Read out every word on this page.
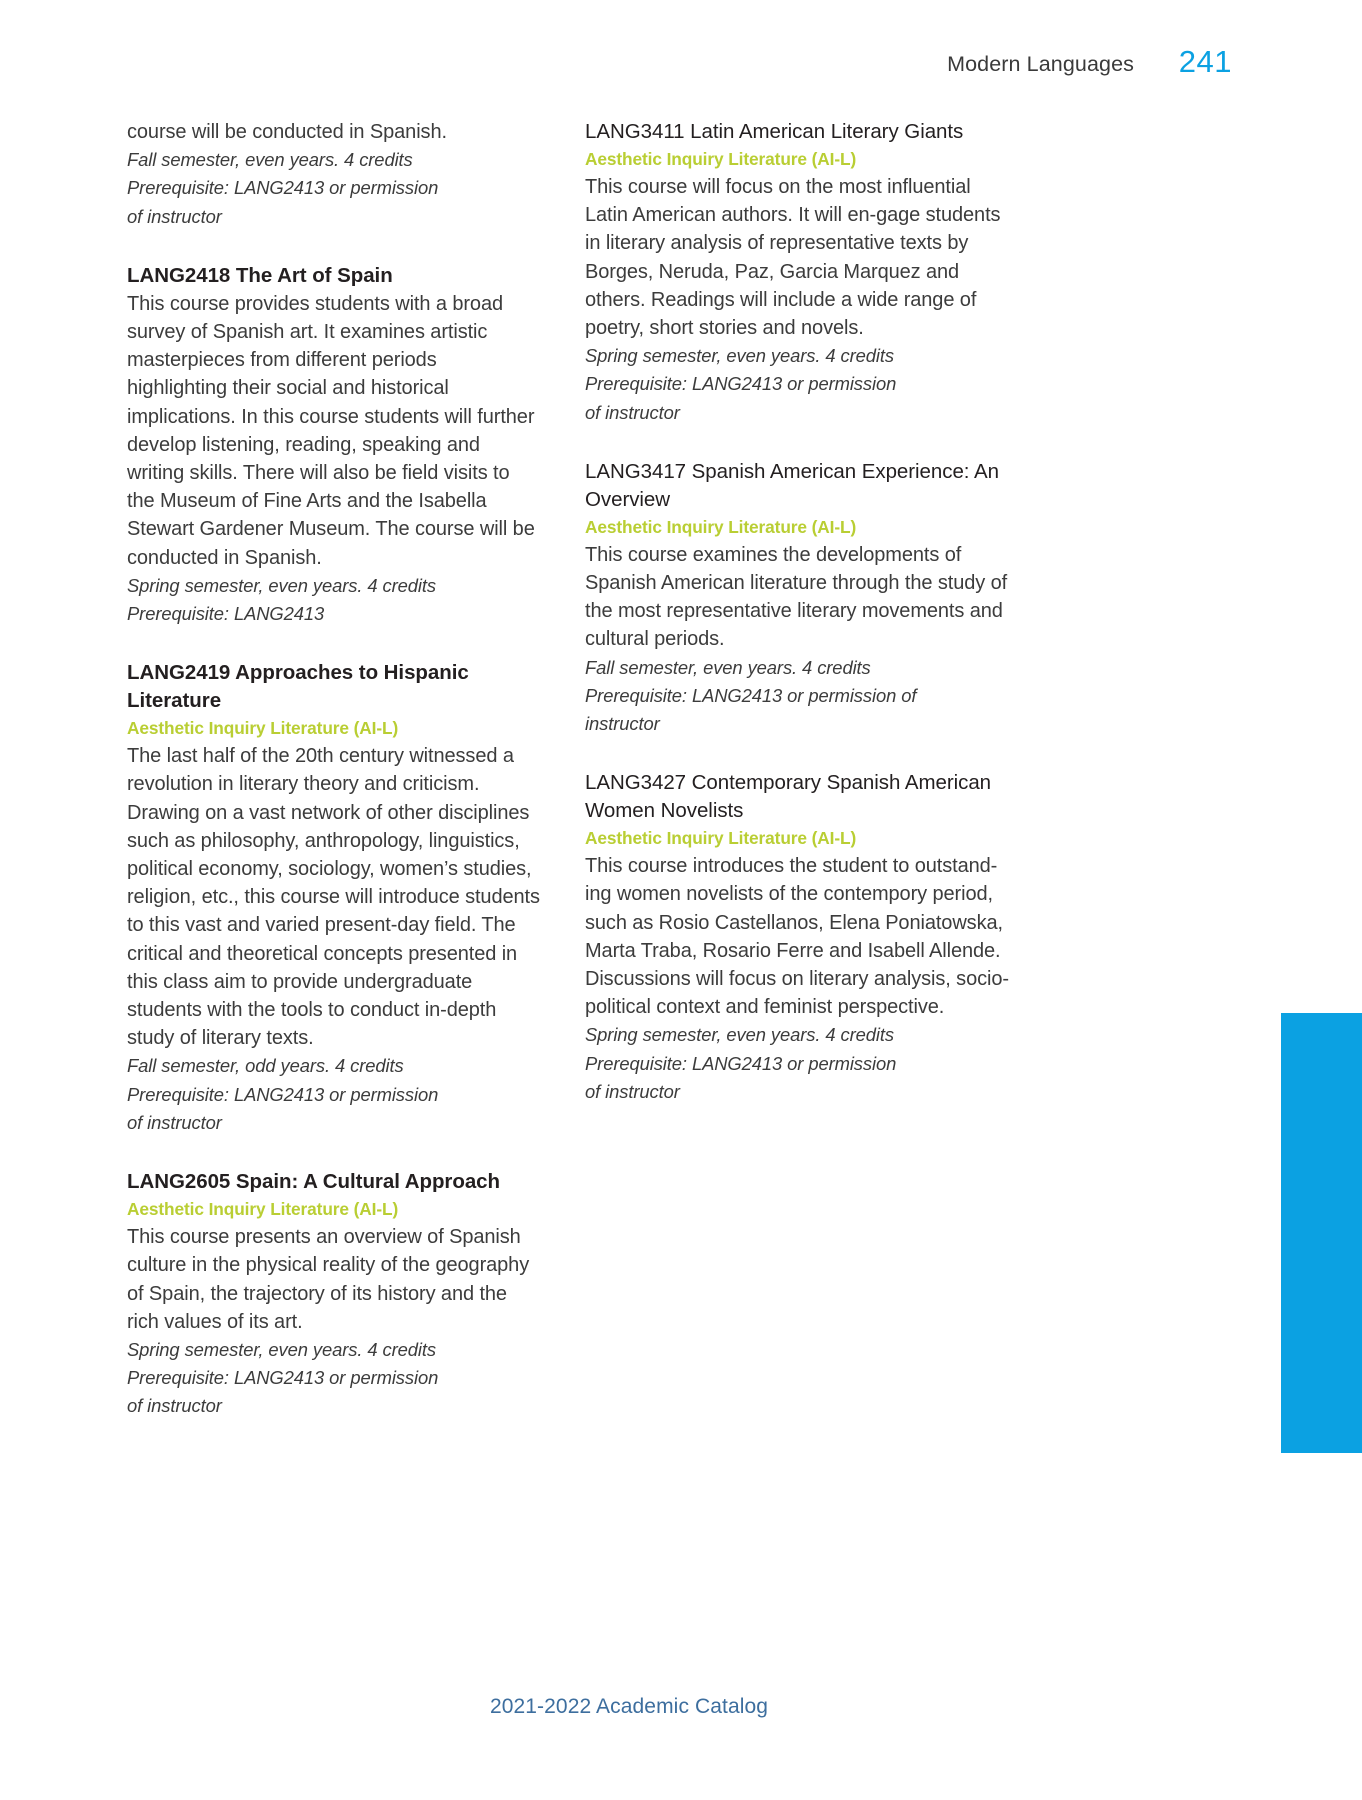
Modern Languages 241

course will be conducted in Spanish.

Fall semester, even years. 4 credits

Prerequisite: LANG2413 or permission

of instructor

LANG2418 The Art of Spain

This course provides students with a broad survey of Spanish art. It examines artistic masterpieces from different periods highlighting their social and historical implications. In this course students will further develop listening, reading, speaking and writing skills. There will also be field visits to the Museum of Fine Arts and the Isabella Stewart Gardener Museum. The course will be conducted in Spanish.

Spring semester, even years. 4 credits

Prerequisite: LANG2413

LANG2419 Approaches to Hispanic Literature

Aesthetic Inquiry Literature (AI-L)

The last half of the 20th century witnessed a revolution in literary theory and criticism. Drawing on a vast network of other disciplines such as philosophy, anthropology, linguistics, political economy, sociology, women’s studies, religion, etc., this course will introduce students to this vast and varied present-day field. The critical and theoretical concepts presented in this class aim to provide undergraduate students with the tools to conduct in-depth study of literary texts.

Fall semester, odd years. 4 credits

Prerequisite: LANG2413 or permission

of instructor

LANG2605 Spain: A Cultural Approach

Aesthetic Inquiry Literature (AI-L)

This course presents an overview of Spanish culture in the physical reality of the geography of Spain, the trajectory of its history and the rich values of its art.

Spring semester, even years. 4 credits

Prerequisite: LANG2413 or permission

of instructor

LANG3411 Latin American Literary Giants

Aesthetic Inquiry Literature (AI-L)

This course will focus on the most influential Latin American authors. It will en-gage students in literary analysis of representative texts by Borges, Neruda, Paz, Garcia Marquez and others. Readings will include a wide range of poetry, short stories and novels.

Spring semester, even years. 4 credits

Prerequisite: LANG2413 or permission

of instructor

LANG3417 Spanish American Experience: An Overview

Aesthetic Inquiry Literature (AI-L)

This course examines the developments of Spanish American literature through the study of the most representative literary movements and cultural periods.

Fall semester, even years. 4 credits

Prerequisite: LANG2413 or permission of

instructor

LANG3427 Contemporary Spanish American Women Novelists

Aesthetic Inquiry Literature (AI-L)

This course introduces the student to outstand- ing women novelists of the contempory period, such as Rosio Castellanos, Elena Poniatowska, Marta Traba, Rosario Ferre and Isabell Allende. Discussions will focus on literary analysis, socio-political context and feminist perspective.

Spring semester, even years. 4 credits

Prerequisite: LANG2413 or permission

of instructor

Course Descriptions for
Arts and Sciences
2021-2022 Academic Catalog
